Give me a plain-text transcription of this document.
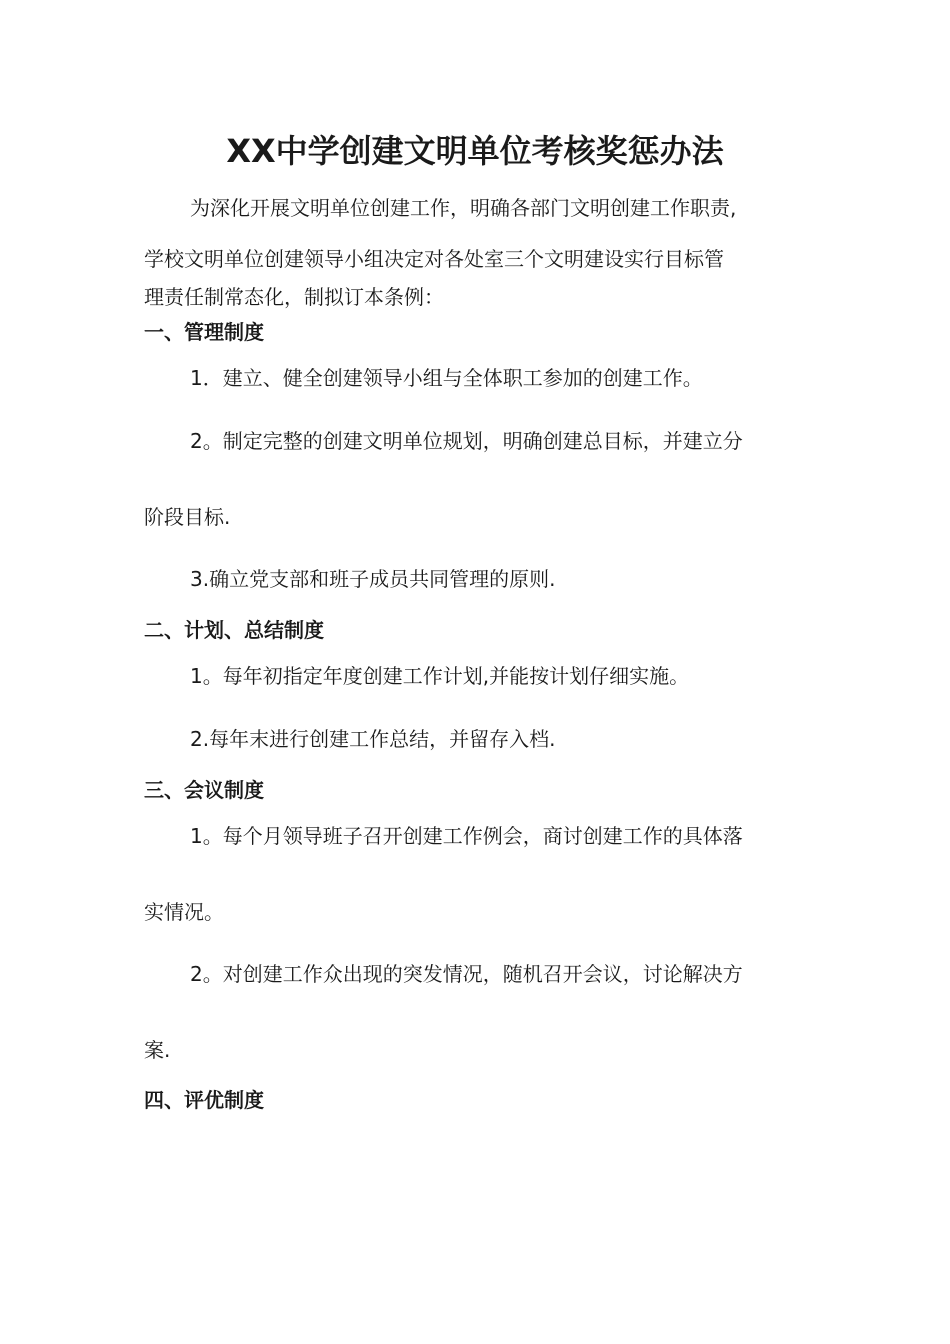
XX中学创建文明单位考核奖惩办法
为深化开展文明单位创建工作，明确各部门文明创建工作职责,
学校文明单位创建领导小组决定对各处室三个文明建设实行目标管
理责任制常态化，制拟订本条例：
一、管理制度
1．建立、健全创建领导小组与全体职工参加的创建工作。
2。制定完整的创建文明单位规划，明确创建总目标，并建立分
阶段目标.
3.确立党支部和班子成员共同管理的原则.
二、计划、总结制度
1。每年初指定年度创建工作计划,并能按计划仔细实施。
2.每年末进行创建工作总结，并留存入档.
三、会议制度
1。每个月领导班子召开创建工作例会，商讨创建工作的具体落
实情况。
2。对创建工作众出现的突发情况，随机召开会议，讨论解决方
案.
四、评优制度
